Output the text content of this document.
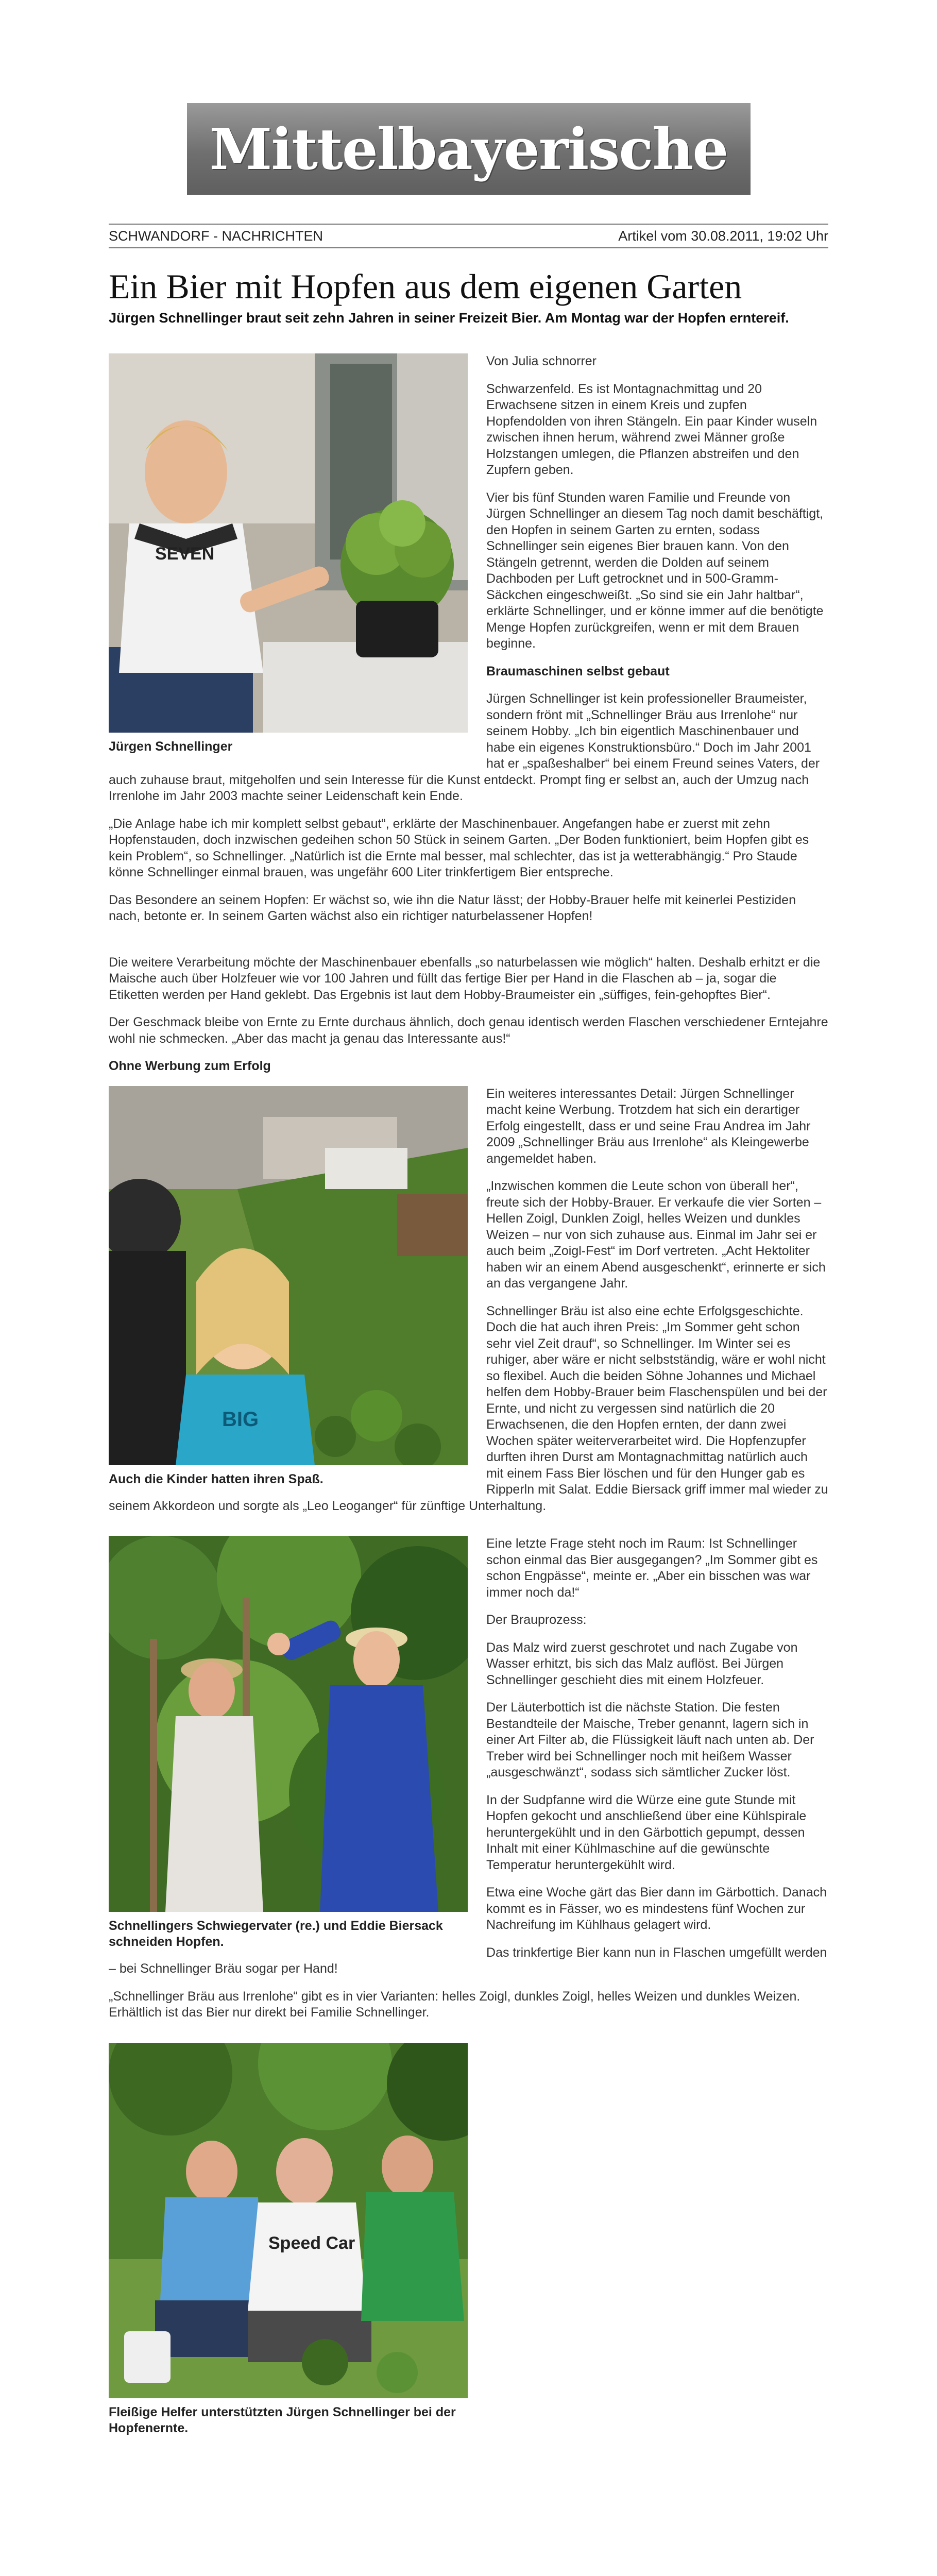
Mittelbayerische
SCHWANDORF - NACHRICHTEN	Artikel vom 30.08.2011, 19:02 Uhr
Ein Bier mit Hopfen aus dem eigenen Garten
Jürgen Schnellinger braut seit zehn Jahren in seiner Freizeit Bier. Am Montag war der Hopfen erntereif.
SEVEN
Jürgen Schnellinger

Von Julia schnorrer

Schwarzenfeld. Es ist Montagnachmittag und 20 Erwachsene sitzen in einem Kreis und zupfen Hopfendolden von ihren Stängeln. Ein paar Kinder wuseln zwischen ihnen herum, während zwei Männer große Holzstangen umlegen, die Pflanzen abstreifen und den Zupfern geben.

Vier bis fünf Stunden waren Familie und Freunde von Jürgen Schnellinger an diesem Tag noch damit beschäftigt, den Hopfen in seinem Garten zu ernten, sodass Schnellinger sein eigenes Bier brauen kann. Von den Stängeln getrennt, werden die Dolden auf seinem Dachboden per Luft getrocknet und in 500-Gramm-Säckchen eingeschweißt. „So sind sie ein Jahr haltbar“, erklärte Schnellinger, und er könne immer auf die benötigte Menge Hopfen zurückgreifen, wenn er mit dem Brauen beginne.

Braumaschinen selbst gebaut

Jürgen Schnellinger ist kein professioneller Braumeister, sondern frönt mit „Schnellinger Bräu aus Irrenlohe“ nur seinem Hobby. „Ich bin eigentlich Maschinenbauer und habe ein eigenes Konstruktionsbüro.“ Doch im Jahr 2001 hat er „spaßeshalber“ bei einem Freund seines Vaters, der auch zuhause braut, mitgeholfen und sein Interesse für die Kunst entdeckt. Prompt fing er selbst an, auch der Umzug nach Irrenlohe im Jahr 2003 machte seiner Leidenschaft kein Ende.

„Die Anlage habe ich mir komplett selbst gebaut“, erklärte der Maschinenbauer. Angefangen habe er zuerst mit zehn Hopfenstauden, doch inzwischen gedeihen schon 50 Stück in seinem Garten. „Der Boden funktioniert, beim Hopfen gibt es kein Problem“, so Schnellinger. „Natürlich ist die Ernte mal besser, mal schlechter, das ist ja wetterabhängig.“ Pro Staude könne Schnellinger einmal brauen, was ungefähr 600 Liter trinkfertigem Bier entspreche.

Das Besondere an seinem Hopfen: Er wächst so, wie ihn die Natur lässt; der Hobby-Brauer helfe mit keinerlei Pestiziden nach, betonte er. In seinem Garten wächst also ein richtiger naturbelassener Hopfen!

Die weitere Verarbeitung möchte der Maschinenbauer ebenfalls „so naturbelassen wie möglich“ halten. Deshalb erhitzt er die Maische auch über Holzfeuer wie vor 100 Jahren und füllt das fertige Bier per Hand in die Flaschen ab – ja, sogar die Etiketten werden per Hand geklebt. Das Ergebnis ist laut dem Hobby-Braumeister ein „süffiges, fein-gehopftes Bier“.

Der Geschmack bleibe von Ernte zu Ernte durchaus ähnlich, doch genau identisch werden Flaschen verschiedener Erntejahre wohl nie schmecken. „Aber das macht ja genau das Interessante aus!“

Ohne Werbung zum Erfolg

BIG
Auch die Kinder hatten ihren Spaß.

Ein weiteres interessantes Detail: Jürgen Schnellinger macht keine Werbung. Trotzdem hat sich ein derartiger Erfolg eingestellt, dass er und seine Frau Andrea im Jahr 2009 „Schnellinger Bräu aus Irrenlohe“ als Kleingewerbe angemeldet haben.

„Inzwischen kommen die Leute schon von überall her“, freute sich der Hobby-Brauer. Er verkaufe die vier Sorten – Hellen Zoigl, Dunklen Zoigl, helles Weizen und dunkles Weizen – nur von sich zuhause aus. Einmal im Jahr sei er auch beim „Zoigl-Fest“ im Dorf vertreten. „Acht Hektoliter haben wir an einem Abend ausgeschenkt“, erinnerte er sich an das vergangene Jahr.

Schnellinger Bräu ist also eine echte Erfolgsgeschichte. Doch die hat auch ihren Preis: „Im Sommer geht schon sehr viel Zeit drauf“, so Schnellinger. Im Winter sei es ruhiger, aber wäre er nicht selbstständig, wäre er wohl nicht so flexibel. Auch die beiden Söhne Johannes und Michael helfen dem Hobby-Brauer beim Flaschenspülen und bei der Ernte, und nicht zu vergessen sind natürlich die 20 Erwachsenen, die den Hopfen ernten, der dann zwei Wochen später weiterverarbeitet wird. Die Hopfenzupfer durften ihren Durst am Montagnachmittag natürlich auch mit einem Fass Bier löschen und für den Hunger gab es Ripperln mit Salat. Eddie Biersack griff immer mal wieder zu seinem Akkordeon und sorgte als „Leo Leoganger“ für zünftige Unterhaltung.

Schnellingers Schwiegervater (re.) und Eddie Biersack schneiden Hopfen.

Eine letzte Frage steht noch im Raum: Ist Schnellinger schon einmal das Bier ausgegangen? „Im Sommer gibt es schon Engpässe“, meinte er. „Aber ein bisschen was war immer noch da!“

Der Brauprozess:

Das Malz wird zuerst geschrotet und nach Zugabe von Wasser erhitzt, bis sich das Malz auflöst. Bei Jürgen Schnellinger geschieht dies mit einem Holzfeuer.

Der Läuterbottich ist die nächste Station. Die festen Bestandteile der Maische, Treber genannt, lagern sich in einer Art Filter ab, die Flüssigkeit läuft nach unten ab. Der Treber wird bei Schnellinger noch mit heißem Wasser „ausgeschwänzt“, sodass sich sämtlicher Zucker löst.

In der Sudpfanne wird die Würze eine gute Stunde mit Hopfen gekocht und anschließend über eine Kühlspirale heruntergekühlt und in den Gärbottich gepumpt, dessen Inhalt mit einer Kühlmaschine auf die gewünschte Temperatur heruntergekühlt wird.

Etwa eine Woche gärt das Bier dann im Gärbottich. Danach kommt es in Fässer, wo es mindestens fünf Wochen zur Nachreifung im Kühlhaus gelagert wird.

Das trinkfertige Bier kann nun in Flaschen umgefüllt werden – bei Schnellinger Bräu sogar per Hand!

„Schnellinger Bräu aus Irrenlohe“ gibt es in vier Varianten: helles Zoigl, dunkles Zoigl, helles Weizen und dunkles Weizen. Erhältlich ist das Bier nur direkt bei Familie Schnellinger.

Speed Car
Fleißige Helfer unterstützten Jürgen Schnellinger bei der Hopfenernte.
